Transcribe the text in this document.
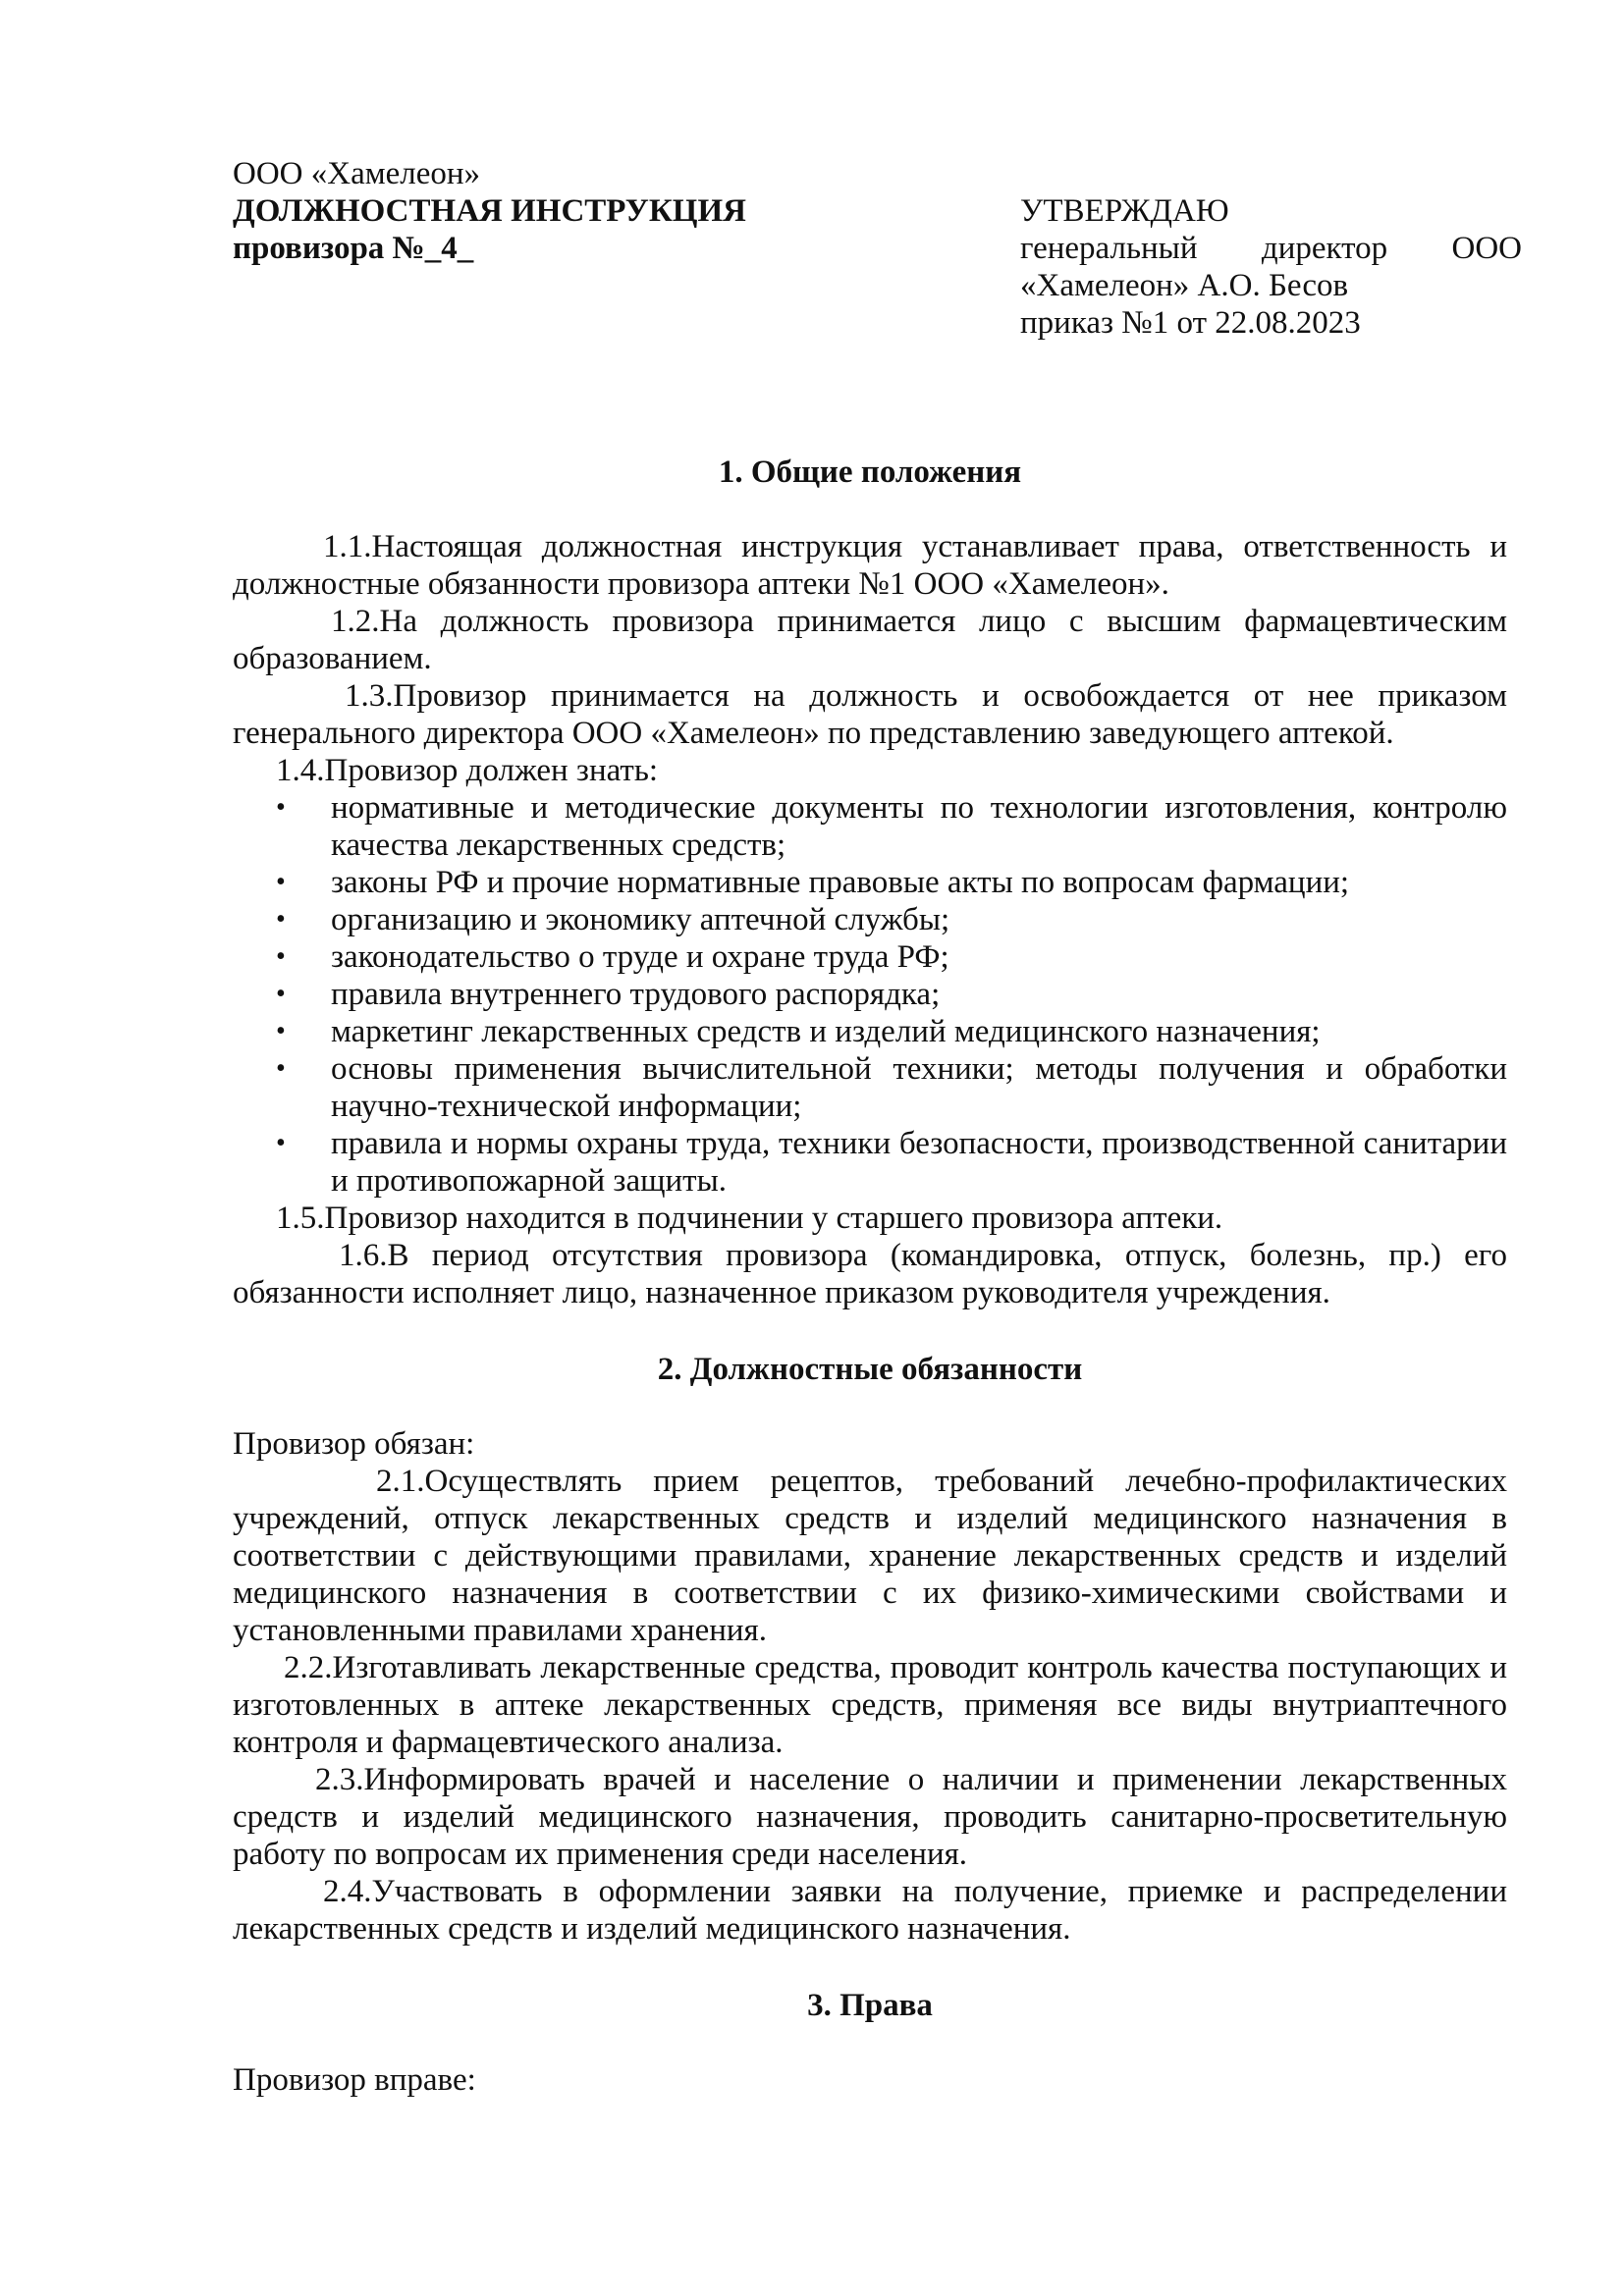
ООО «Хамелеон»
ДОЛЖНОСТНАЯ ИНСТРУКЦИЯ
провизора №_4_
УТВЕРЖДАЮ
генеральный директор ООО
«Хамелеон» А.О. Бесов
приказ №1 от 22.08.2023
1. Общие положения

1.1.Настоящая должностная инструкция устанавливает права, ответственность и должностные обязанности провизора аптеки №1 ООО «Хамелеон».

1.2.На должность провизора принимается лицо с высшим фармацевтическим образованием.

1.3.Провизор принимается на должность и освобождается от нее приказом генерального директора ООО «Хамелеон» по представлению заведующего аптекой.

1.4.Провизор должен знать:

• нормативные и методические документы по технологии изготовления, контролю качества лекарственных средств;
• законы РФ и прочие нормативные правовые акты по вопросам фармации;
• организацию и экономику аптечной службы;
• законодательство о труде и охране труда РФ;
• правила внутреннего трудового распорядка;
• маркетинг лекарственных средств и изделий медицинского назначения;
• основы применения вычислительной техники; методы получения и обработки научно-технической информации;
• правила и нормы охраны труда, техники безопасности, производственной санитарии и противопожарной защиты.

1.5.Провизор находится в подчинении у старшего провизора аптеки.

1.6.В период отсутствия провизора (командировка, отпуск, болезнь, пр.) его обязанности исполняет лицо, назначенное приказом руководителя учреждения.

2. Должностные обязанности

Провизор обязан:

2.1.Осуществлять прием рецептов, требований лечебно-профилактических учреждений, отпуск лекарственных средств и изделий медицинского назначения в соответствии с действующими правилами, хранение лекарственных средств и изделий медицинского назначения в соответствии с их физико-химическими свойствами и установленными правилами хранения.

2.2.Изготавливать лекарственные средства, проводит контроль качества поступающих и изготовленных в аптеке лекарственных средств, применяя все виды внутриаптечного контроля и фармацевтического анализа.

2.3.Информировать врачей и население о наличии и применении лекарственных средств и изделий медицинского назначения, проводить санитарно-просветительную работу по вопросам их применения среди населения.

2.4.Участвовать в оформлении заявки на получение, приемке и распределении лекарственных средств и изделий медицинского назначения.

3. Права

Провизор вправе:
